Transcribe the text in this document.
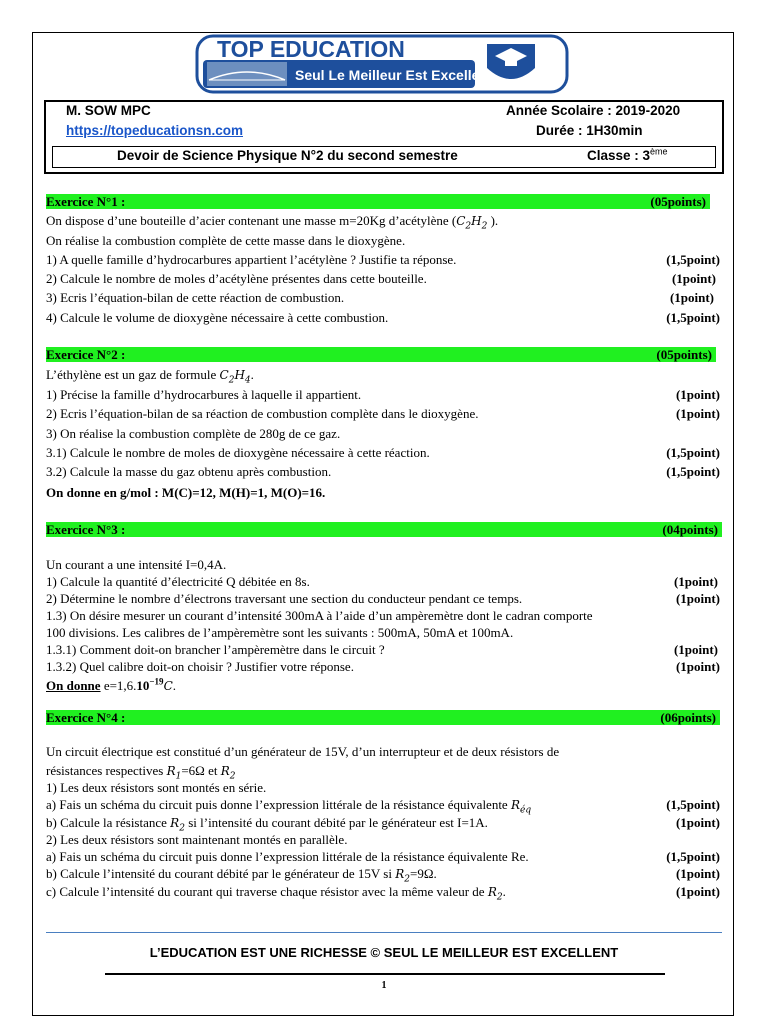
TOP EDUCATION
Seul Le Meilleur Est Excellent
M. SOW MPC
https://topeducationsn.com
Année Scolaire : 2019-2020
Durée : 1H30min
Devoir de Science Physique N°2 du second semestre	Classe : 3ème
Exercice N°1 :	(05points)
On dispose d’une bouteille d’acier contenant une masse m=20Kg d’acétylène ($C_2H_2$ ).
On réalise la combustion complète de cette masse dans le dioxygène.
1) A quelle famille d’hydrocarbures appartient l’acétylène ? Justifie ta réponse.	(1,5point)
2) Calcule le nombre de moles d’acétylène présentes dans cette bouteille.	(1point)
3) Ecris l’équation-bilan de cette réaction de combustion.	(1point)
4) Calcule le volume de dioxygène nécessaire à cette combustion.	(1,5point)
Exercice N°2 :	(05points)
L’éthylène est un gaz de formule $C_2H_4$.
1) Précise la famille d’hydrocarbures à laquelle il appartient.	(1point)
2) Ecris l’équation-bilan de sa réaction de combustion complète dans le dioxygène.	(1point)
3) On réalise la combustion complète de 280g de ce gaz.
3.1) Calcule le nombre de moles de dioxygène nécessaire à cette réaction.	(1,5point)
3.2) Calcule la masse du gaz obtenu après combustion.	(1,5point)
On donne en g/mol : M(C)=12, M(H)=1, M(O)=16.
Exercice N°3 :	(04points)
Un courant a une intensité I=0,4A.
1) Calcule la quantité d’électricité Q débitée en 8s.	(1point)
2) Détermine le nombre d’électrons traversant une section du conducteur pendant ce temps.	(1point)
1.3) On désire mesurer un courant d’intensité 300mA à l’aide d’un ampèremètre dont le cadran comporte
100 divisions. Les calibres de l’ampèremètre sont les suivants : 500mA, 50mA et 100mA.
1.3.1) Comment doit-on brancher l’ampèremètre dans le circuit ?	(1point)
1.3.2) Quel calibre doit-on choisir ? Justifier votre réponse.	(1point)
On donne $e=1,6.10^{-19}C$.
Exercice N°4 :	(06points)
Un circuit électrique est constitué d’un générateur de 15V, d’un interrupteur et de deux résistors de
résistances respectives $R_1=6\Omega$ et $R_2$
1) Les deux résistors sont montés en série.
a) Fais un schéma du circuit puis donne l’expression littérale de la résistance équivalente $R_{éq}$	(1,5point)
b) Calcule la résistance $R_2$ si l’intensité du courant débité par le générateur est I=1A.	(1point)
2) Les deux résistors sont maintenant montés en parallèle.
a) Fais un schéma du circuit puis donne l’expression littérale de la résistance équivalente Re.	(1,5point)
b) Calcule l’intensité du courant débité par le générateur de 15V si $R_2=9\Omega$.	(1point)
c) Calcule l’intensité du courant qui traverse chaque résistor avec la même valeur de $R_2$.	(1point)
L’EDUCATION EST UNE RICHESSE © SEUL LE MEILLEUR EST EXCELLENT
1
